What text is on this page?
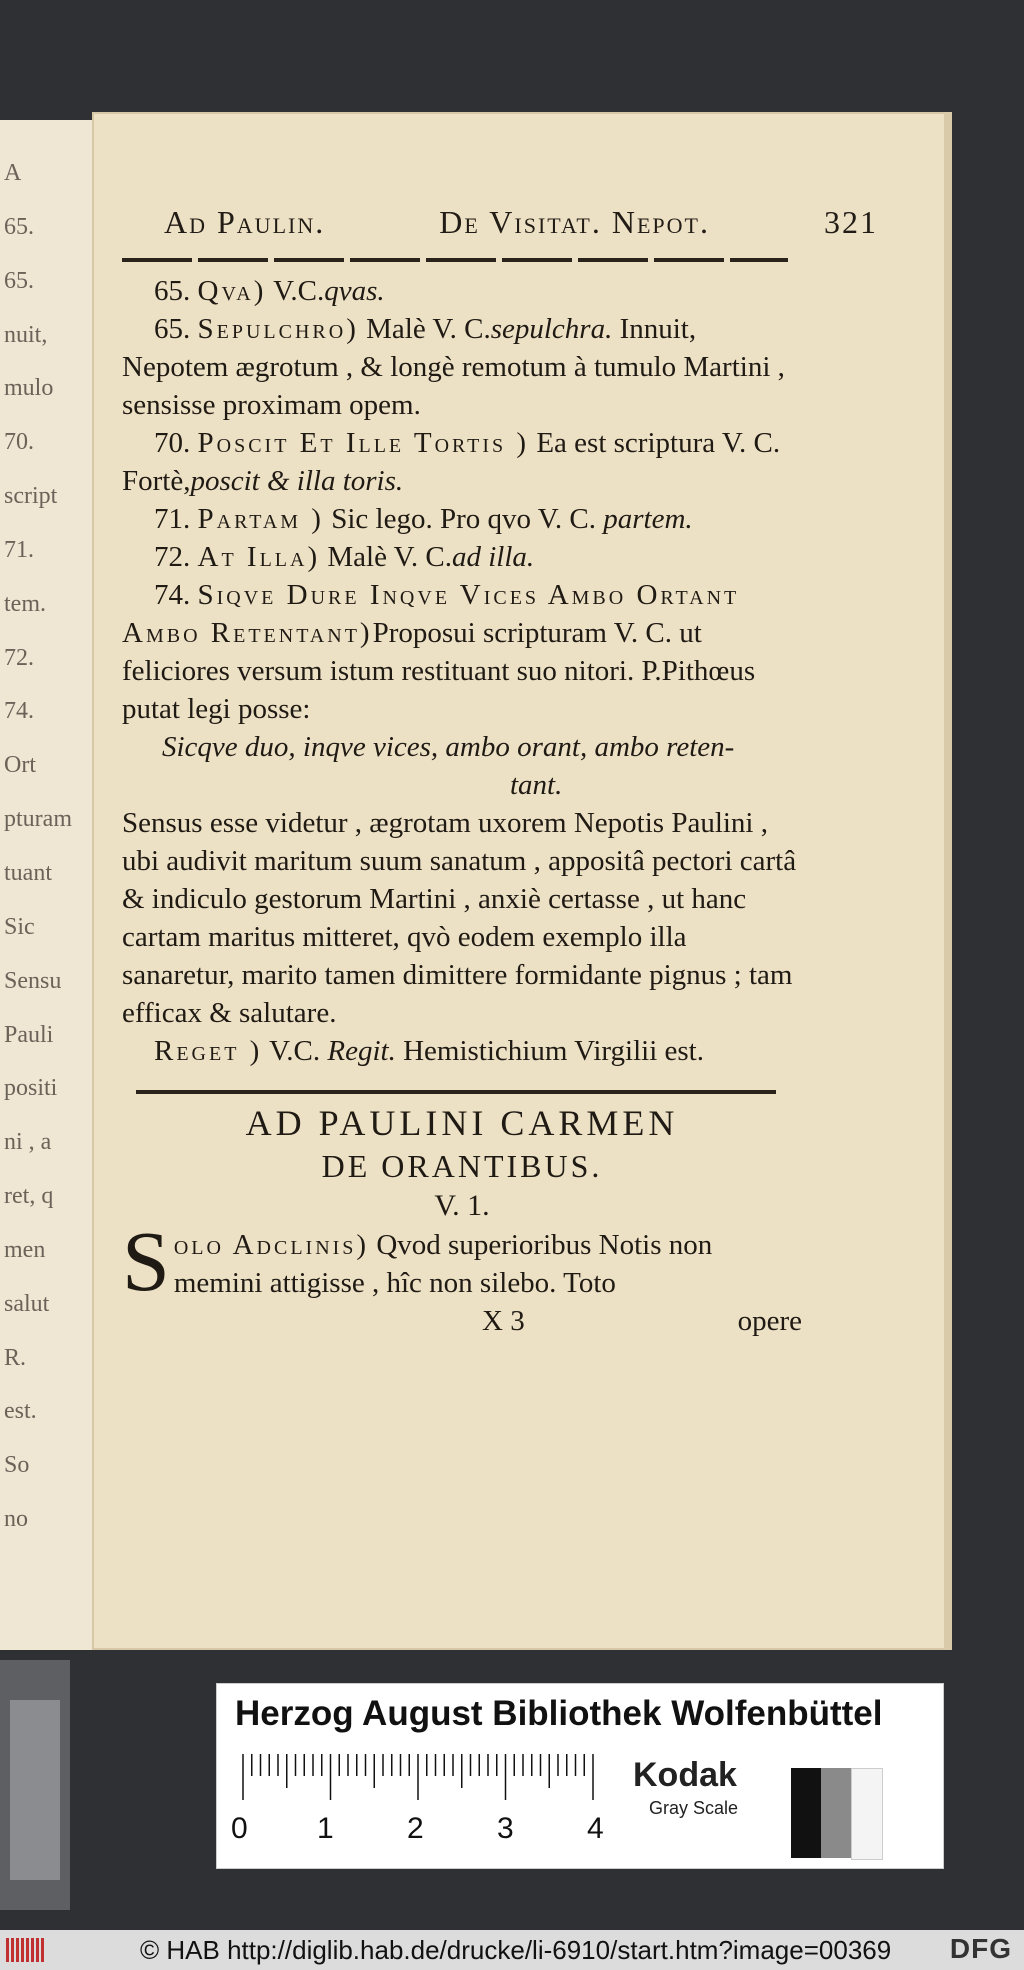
A
65.
65.
nuit,
mulo
70.
script
71.
tem.
72.
74.
Ort
pturam
tuant
Sic
Sensu
Pauli
positi
ni , a
ret, q
men
salut
R.
est.
So
no
Ad Paulin.	De Visitat. Nepot.	321

65. Qva) V.C.qvas.

65. Sepulchro) Malè V. C.sepulchra. Innuit, Nepotem ægrotum , & longè remotum à tumulo Martini , sensisse proximam opem.

70. Poscit Et Ille Tortis ) Ea est scriptura V. C. Fortè,poscit & illa toris.

71. Partam ) Sic lego. Pro qvo V. C. partem.

72. At Illa) Malè V. C.ad illa.

74. Siqve Dure Inqve Vices Ambo Ortant Ambo Retentant)Proposui scripturam V. C. ut feliciores versum istum restituant suo nitori. P.Pithœus putat legi posse:

Sicqve duo, inqve vices, ambo orant, ambo reten-

tant.

Sensus esse videtur , ægrotam uxorem Nepotis Paulini , ubi audivit maritum suum sanatum , appositâ pectori cartâ & indiculo gestorum Martini , anxiè certasse , ut hanc cartam maritus mitteret, qvò eodem exemplo illa sanaretur, marito tamen dimittere formidante pignus ; tam efficax & salutare.

Reget ) V.C. Regit. Hemistichium Virgilii est.

AD PAULINI CARMEN
DE ORANTIBUS.
V. 1.

Solo Adclinis) Qvod superioribus Notis non memini attigisse , hîc non silebo. Toto

X 3	opere
Herzog August Bibliothek Wolfenbüttel
0 1 2 3 4
Kodak
Gray Scale
© HAB http://diglib.hab.de/drucke/li-6910/start.htm?image=00369 DFG
